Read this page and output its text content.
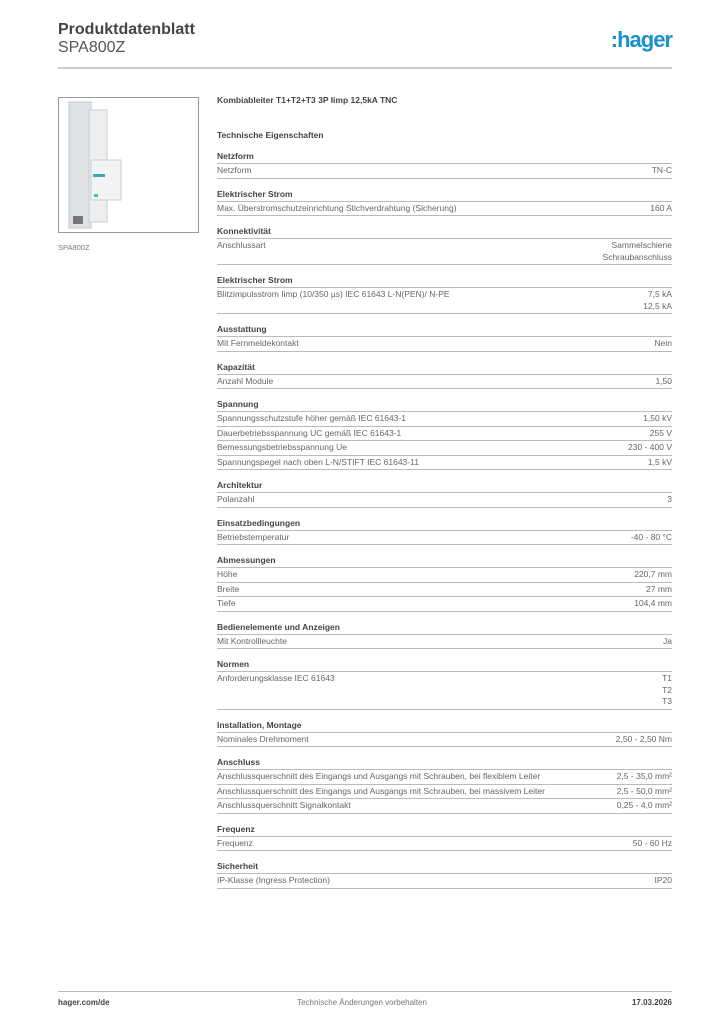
Produktdatenblatt
SPA800Z	:hager
SPA800Z
Kombiableiter T1+T2+T3 3P Iimp 12,5kA TNC
Technische Eigenschaften
Netzform
Netzform	TN-C
Elektrischer Strom
Max. Überstromschutzeinrichtung Stichverdrahtung (Sicherung)	160 A
Konnektivität
Anschlussart	Sammelschiene
Schraubanschluss
Elektrischer Strom
Blitzimpulsstrom Iimp (10/350 µs) IEC 61643 L-N(PEN)/ N-PE	7,5 kA
12,5 kA
Ausstattung
Mit Fernmeldekontakt	Nein
Kapazität
Anzahl Module	1,50
Spannung
Spannungsschutzstufe höher gemäß IEC 61643-1	1,50 kV
Dauerbetriebsspannung UC gemäß IEC 61643-1	255 V
Bemessungsbetriebsspannung Ue	230 - 400 V
Spannungspegel nach oben L-N/STIFT IEC 61643-11	1,5 kV
Architektur
Polanzahl	3
Einsatzbedingungen
Betriebstemperatur	-40 - 80 °C
Abmessungen
Höhe	220,7 mm
Breite	27 mm
Tiefe	104,4 mm
Bedienelemente und Anzeigen
Mit Kontrollleuchte	Ja
Normen
Anforderungsklasse IEC 61643	T1
T2
T3
Installation, Montage
Nominales Drehmoment	2,50 - 2,50 Nm
Anschluss
Anschlussquerschnitt des Eingangs und Ausgangs mit Schrauben, bei flexiblem Leiter	2,5 - 35,0 mm²
Anschlussquerschnitt des Eingangs und Ausgangs mit Schrauben, bei massivem Leiter	2,5 - 50,0 mm²
Anschlussquerschnitt Signalkontakt	0,25 - 4,0 mm²
Frequenz
Frequenz	50 - 60 Hz
Sicherheit
IP-Klasse (Ingress Protection)	IP20
hager.com/de	Technische Änderungen vorbehalten	17.03.2026
